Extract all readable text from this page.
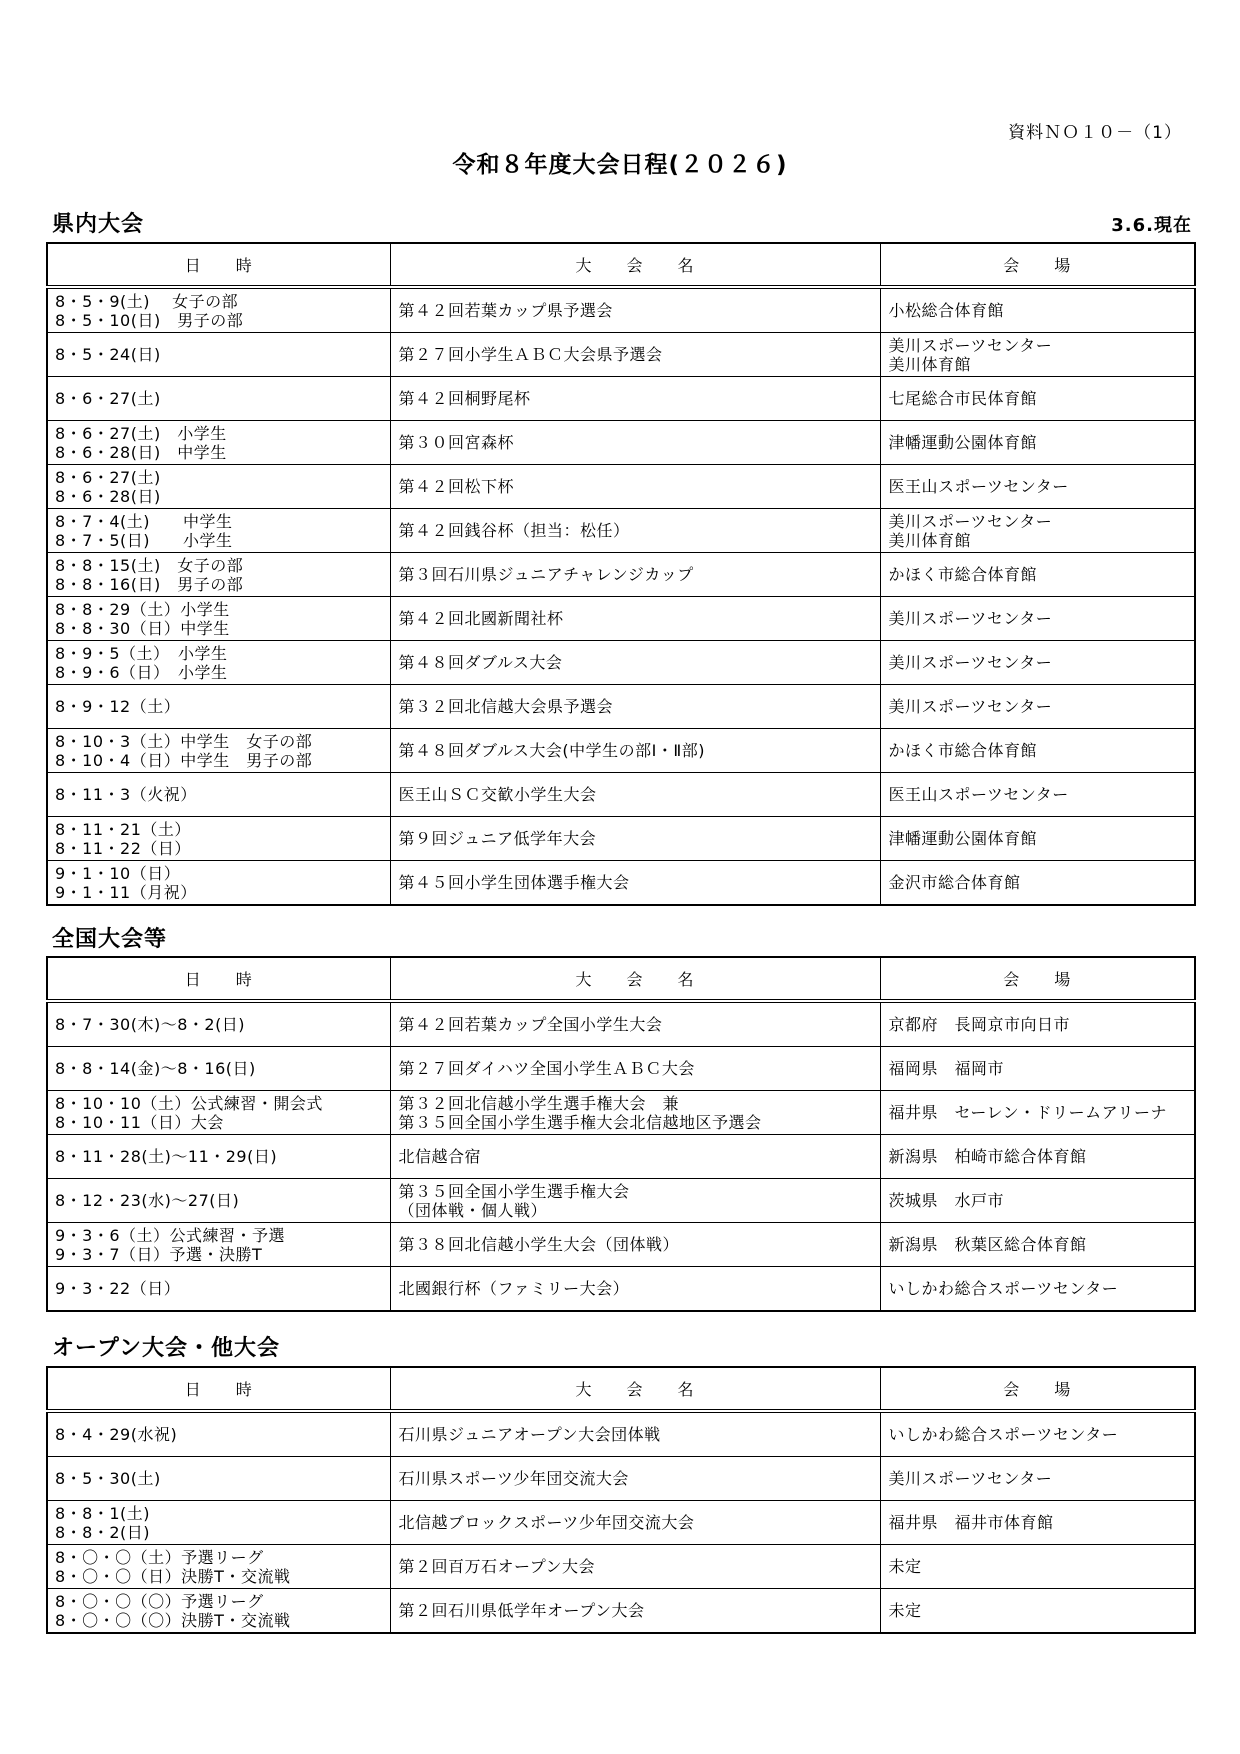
資料ＮＯ１０－（1）
令和８年度大会日程(２０２６)
県内大会	3.6.現在
日　　時	大　　会　　名	会　　場

8・5・9(土)　 女子の部
8・5・10(日)　男子の部	第４２回若葉カップ県予選会	小松総合体育館

8・5・24(日)	第２７回小学生ＡＢＣ大会県予選会	美川スポーツセンター
美川体育館

8・6・27(土)	第４２回桐野尾杯	七尾総合市民体育館

8・6・27(土)　小学生
8・6・28(日)　中学生	第３０回宮森杯	津幡運動公園体育館

8・6・27(土)
8・6・28(日)	第４２回松下杯	医王山スポーツセンター

8・7・4(土)　　中学生
8・7・5(日)　　小学生	第４２回銭谷杯（担当：松任）	美川スポーツセンター
美川体育館

8・8・15(土)　女子の部
8・8・16(日)　男子の部	第３回石川県ジュニアチャレンジカップ	かほく市総合体育館

8・8・29（土）小学生
8・8・30（日）中学生	第４２回北國新聞社杯	美川スポーツセンター

8・9・5（土）　小学生
8・9・6（日）　小学生	第４８回ダブルス大会	美川スポーツセンター

8・9・12（土）	第３２回北信越大会県予選会	美川スポーツセンター

8・10・3（土）中学生　女子の部
8・10・4（日）中学生　男子の部	第４８回ダブルス大会(中学生の部Ⅰ・Ⅱ部)	かほく市総合体育館

8・11・3（火祝）	医王山ＳＣ交歓小学生大会	医王山スポーツセンター

8・11・21（土）
8・11・22（日）	第９回ジュニア低学年大会	津幡運動公園体育館

9・1・10（日）
9・1・11（月祝）	第４５回小学生団体選手権大会	金沢市総合体育館
全国大会等
日　　時	大　　会　　名	会　　場

8・7・30(木)～8・2(日)	第４２回若葉カップ全国小学生大会	京都府　長岡京市向日市

8・8・14(金)～8・16(日)	第２７回ダイハツ全国小学生ＡＢＣ大会	福岡県　福岡市

8・10・10（土）公式練習・開会式
8・10・11（日）大会	第３２回北信越小学生選手権大会　兼
第３５回全国小学生選手権大会北信越地区予選会	福井県　セーレン・ドリームアリーナ

8・11・28(土)～11・29(日)	北信越合宿	新潟県　柏崎市総合体育館

8・12・23(水)～27(日)	第３５回全国小学生選手権大会
（団体戦・個人戦）	茨城県　水戸市

9・3・6（土）公式練習・予選
9・3・7（日）予選・決勝T	第３８回北信越小学生大会（団体戦）	新潟県　秋葉区総合体育館

9・3・22（日）	北國銀行杯（ファミリー大会）	いしかわ総合スポーツセンター
オープン大会・他大会
日　　時	大　　会　　名	会　　場

8・4・29(水祝)	石川県ジュニアオープン大会団体戦	いしかわ総合スポーツセンター

8・5・30(土)	石川県スポーツ少年団交流大会	美川スポーツセンター

8・8・1(土)
8・8・2(日)	北信越ブロックスポーツ少年団交流大会	福井県　福井市体育館

8・〇・〇（土）予選リーグ
8・〇・〇（日）決勝T・交流戦	第２回百万石オープン大会	未定

8・〇・〇（〇）予選リーグ
8・〇・〇（〇）決勝T・交流戦	第２回石川県低学年オープン大会	未定
